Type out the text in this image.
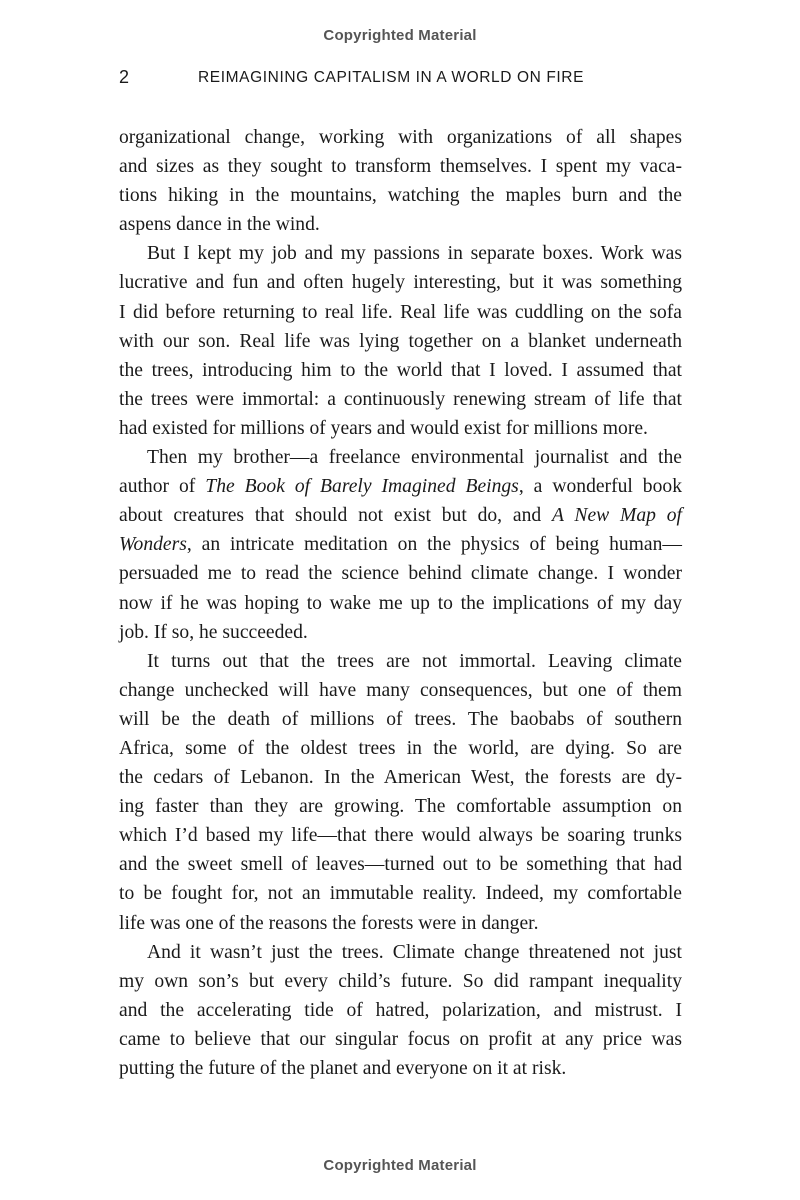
Copyrighted Material
2	REIMAGINING CAPITALISM IN A WORLD ON FIRE

organizational change, working with organizations of all shapes
and sizes as they sought to transform themselves. I spent my vaca-
tions hiking in the mountains, watching the maples burn and the
aspens dance in the wind.

But I kept my job and my passions in separate boxes. Work was
lucrative and fun and often hugely interesting, but it was something
I did before returning to real life. Real life was cuddling on the sofa
with our son. Real life was lying together on a blanket underneath
the trees, introducing him to the world that I loved. I assumed that
the trees were immortal: a continuously renewing stream of life that
had existed for millions of years and would exist for millions more.

Then my brother—a freelance environmental journalist and the
author of The Book of Barely Imagined Beings, a wonderful book
about creatures that should not exist but do, and A New Map of
Wonders, an intricate meditation on the physics of being human—
persuaded me to read the science behind climate change. I wonder
now if he was hoping to wake me up to the implications of my day
job. If so, he succeeded.

It turns out that the trees are not immortal. Leaving climate
change unchecked will have many consequences, but one of them
will be the death of millions of trees. The baobabs of southern
Africa, some of the oldest trees in the world, are dying. So are
the cedars of Lebanon. In the American West, the forests are dy-
ing faster than they are growing. The comfortable assumption on
which I’d based my life—that there would always be soaring trunks
and the sweet smell of leaves—turned out to be something that had
to be fought for, not an immutable reality. Indeed, my comfortable
life was one of the reasons the forests were in danger.

And it wasn’t just the trees. Climate change threatened not just
my own son’s but every child’s future. So did rampant inequality
and the accelerating tide of hatred, polarization, and mistrust. I
came to believe that our singular focus on profit at any price was
putting the future of the planet and everyone on it at risk.

Copyrighted Material
